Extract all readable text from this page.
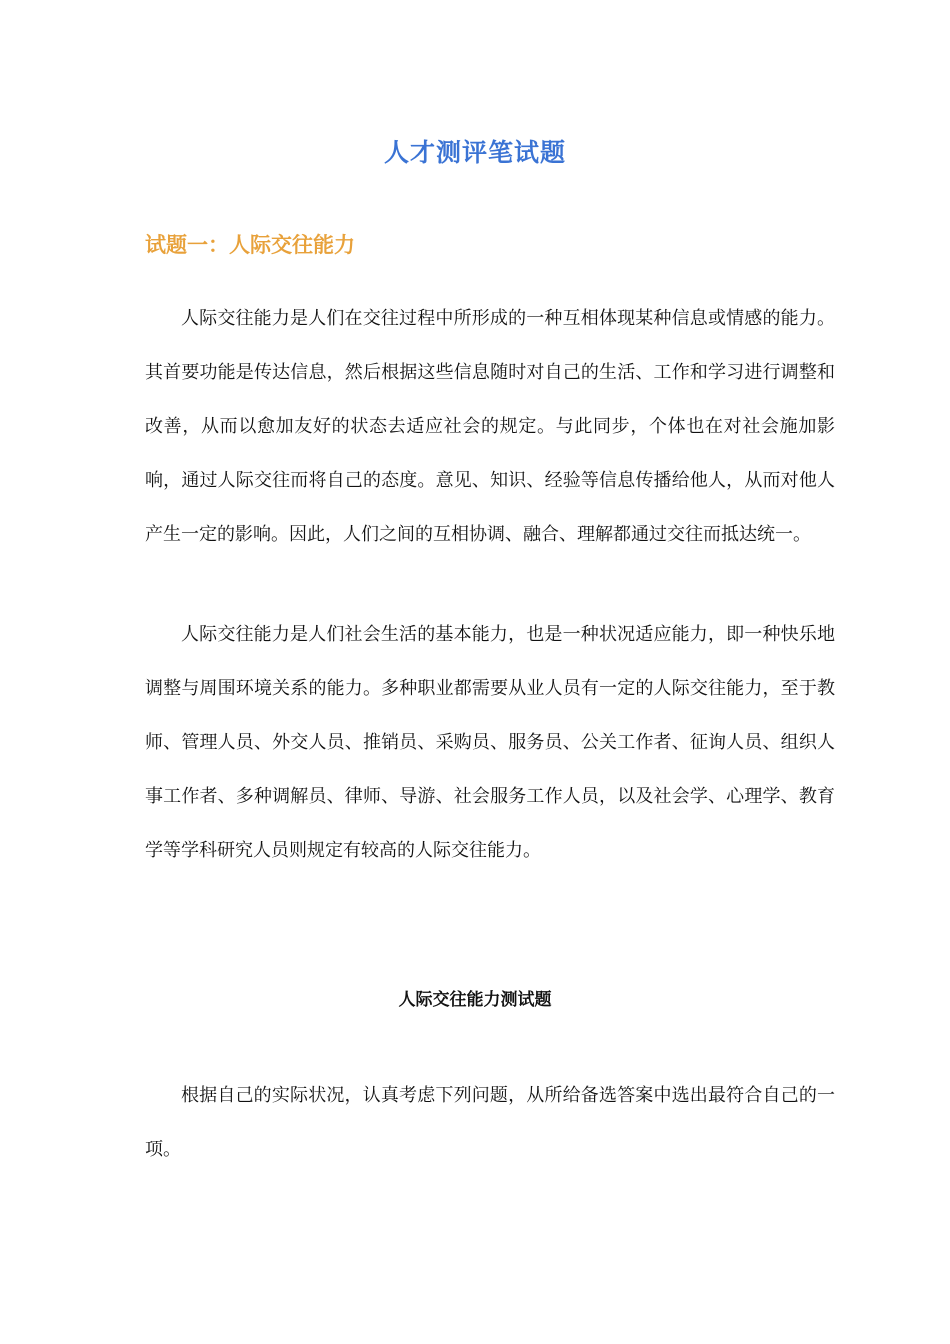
人才测评笔试题
试题一：人际交往能力

人际交往能力是人们在交往过程中所形成的一种互相体现某种信息或情感的能力。其首要功能是传达信息，然后根据这些信息随时对自己的生活、工作和学习进行调整和改善，从而以愈加友好的状态去适应社会的规定。与此同步，个体也在对社会施加影响，通过人际交往而将自己的态度。意见、知识、经验等信息传播给他人，从而对他人产生一定的影响。因此，人们之间的互相协调、融合、理解都通过交往而抵达统一。

人际交往能力是人们社会生活的基本能力，也是一种状况适应能力，即一种快乐地调整与周围环境关系的能力。多种职业都需要从业人员有一定的人际交往能力，至于教师、管理人员、外交人员、推销员、采购员、服务员、公关工作者、征询人员、组织人事工作者、多种调解员、律师、导游、社会服务工作人员，以及社会学、心理学、教育学等学科研究人员则规定有较高的人际交往能力。

人际交往能力测试题

根据自己的实际状况，认真考虑下列问题，从所给备选答案中选出最符合自己的一项。
